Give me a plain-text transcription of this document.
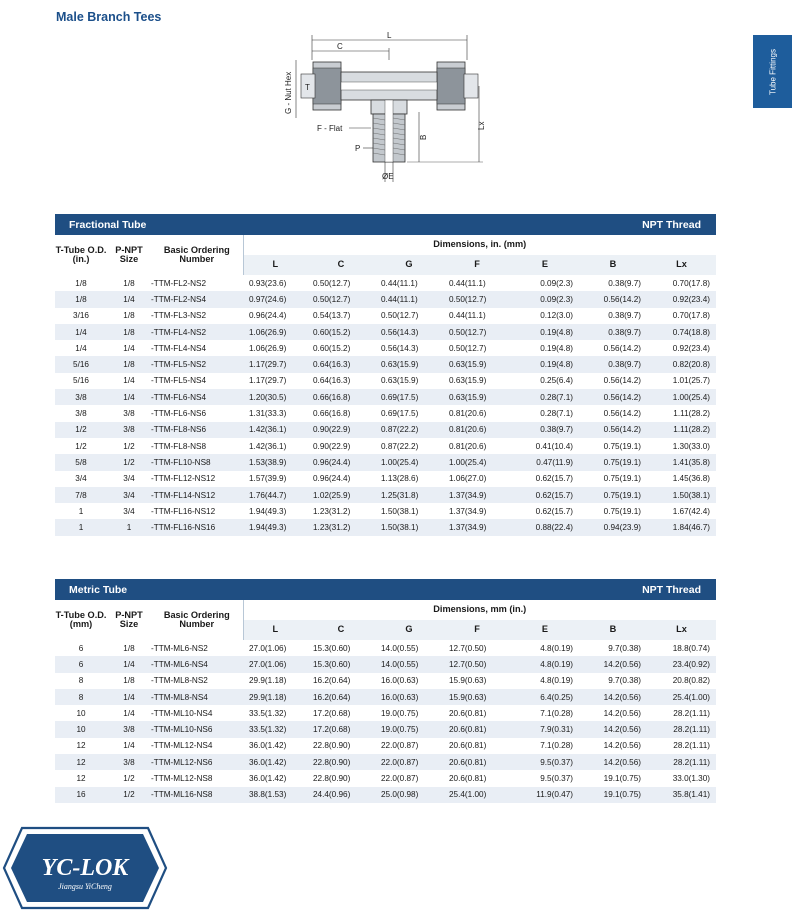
Male Branch Tees
Tube Fittings
L
C
G - Nut Hex T
F - Flat
P
B
Lx
ØE
Fractional Tube	NPT Thread
T-Tube O.D. (in.)	P-NPT Size	Basic Ordering Number	Dimensions, in. (mm)						
			L	C	G	F	E	B	Lx
1/8	1/8	-TTM-FL2-NS2	0.93(23.6)	0.50(12.7)	0.44(11.1)	0.44(11.1)	0.09(2.3)	0.38(9.7)	0.70(17.8)
1/8	1/4	-TTM-FL2-NS4	0.97(24.6)	0.50(12.7)	0.44(11.1)	0.50(12.7)	0.09(2.3)	0.56(14.2)	0.92(23.4)
3/16	1/8	-TTM-FL3-NS2	0.96(24.4)	0.54(13.7)	0.50(12.7)	0.44(11.1)	0.12(3.0)	0.38(9.7)	0.70(17.8)
1/4	1/8	-TTM-FL4-NS2	1.06(26.9)	0.60(15.2)	0.56(14.3)	0.50(12.7)	0.19(4.8)	0.38(9.7)	0.74(18.8)
1/4	1/4	-TTM-FL4-NS4	1.06(26.9)	0.60(15.2)	0.56(14.3)	0.50(12.7)	0.19(4.8)	0.56(14.2)	0.92(23.4)
5/16	1/8	-TTM-FL5-NS2	1.17(29.7)	0.64(16.3)	0.63(15.9)	0.63(15.9)	0.19(4.8)	0.38(9.7)	0.82(20.8)
5/16	1/4	-TTM-FL5-NS4	1.17(29.7)	0.64(16.3)	0.63(15.9)	0.63(15.9)	0.25(6.4)	0.56(14.2)	1.01(25.7)
3/8	1/4	-TTM-FL6-NS4	1.20(30.5)	0.66(16.8)	0.69(17.5)	0.63(15.9)	0.28(7.1)	0.56(14.2)	1.00(25.4)
3/8	3/8	-TTM-FL6-NS6	1.31(33.3)	0.66(16.8)	0.69(17.5)	0.81(20.6)	0.28(7.1)	0.56(14.2)	1.11(28.2)
1/2	3/8	-TTM-FL8-NS6	1.42(36.1)	0.90(22.9)	0.87(22.2)	0.81(20.6)	0.38(9.7)	0.56(14.2)	1.11(28.2)
1/2	1/2	-TTM-FL8-NS8	1.42(36.1)	0.90(22.9)	0.87(22.2)	0.81(20.6)	0.41(10.4)	0.75(19.1)	1.30(33.0)
5/8	1/2	-TTM-FL10-NS8	1.53(38.9)	0.96(24.4)	1.00(25.4)	1.00(25.4)	0.47(11.9)	0.75(19.1)	1.41(35.8)
3/4	3/4	-TTM-FL12-NS12	1.57(39.9)	0.96(24.4)	1.13(28.6)	1.06(27.0)	0.62(15.7)	0.75(19.1)	1.45(36.8)
7/8	3/4	-TTM-FL14-NS12	1.76(44.7)	1.02(25.9)	1.25(31.8)	1.37(34.9)	0.62(15.7)	0.75(19.1)	1.50(38.1)
1	3/4	-TTM-FL16-NS12	1.94(49.3)	1.23(31.2)	1.50(38.1)	1.37(34.9)	0.62(15.7)	0.75(19.1)	1.67(42.4)
1	1	-TTM-FL16-NS16	1.94(49.3)	1.23(31.2)	1.50(38.1)	1.37(34.9)	0.88(22.4)	0.94(23.9)	1.84(46.7)
Metric Tube	NPT Thread
T-Tube O.D. (mm)	P-NPT Size	Basic Ordering Number	Dimensions, mm (in.)						
			L	C	G	F	E	B	Lx
6	1/8	-TTM-ML6-NS2	27.0(1.06)	15.3(0.60)	14.0(0.55)	12.7(0.50)	4.8(0.19)	9.7(0.38)	18.8(0.74)
6	1/4	-TTM-ML6-NS4	27.0(1.06)	15.3(0.60)	14.0(0.55)	12.7(0.50)	4.8(0.19)	14.2(0.56)	23.4(0.92)
8	1/8	-TTM-ML8-NS2	29.9(1.18)	16.2(0.64)	16.0(0.63)	15.9(0.63)	4.8(0.19)	9.7(0.38)	20.8(0.82)
8	1/4	-TTM-ML8-NS4	29.9(1.18)	16.2(0.64)	16.0(0.63)	15.9(0.63)	6.4(0.25)	14.2(0.56)	25.4(1.00)
10	1/4	-TTM-ML10-NS4	33.5(1.32)	17.2(0.68)	19.0(0.75)	20.6(0.81)	7.1(0.28)	14.2(0.56)	28.2(1.11)
10	3/8	-TTM-ML10-NS6	33.5(1.32)	17.2(0.68)	19.0(0.75)	20.6(0.81)	7.9(0.31)	14.2(0.56)	28.2(1.11)
12	1/4	-TTM-ML12-NS4	36.0(1.42)	22.8(0.90)	22.0(0.87)	20.6(0.81)	7.1(0.28)	14.2(0.56)	28.2(1.11)
12	3/8	-TTM-ML12-NS6	36.0(1.42)	22.8(0.90)	22.0(0.87)	20.6(0.81)	9.5(0.37)	14.2(0.56)	28.2(1.11)
12	1/2	-TTM-ML12-NS8	36.0(1.42)	22.8(0.90)	22.0(0.87)	20.6(0.81)	9.5(0.37)	19.1(0.75)	33.0(1.30)
16	1/2	-TTM-ML16-NS8	38.8(1.53)	24.4(0.96)	25.0(0.98)	25.4(1.00)	11.9(0.47)	19.1(0.75)	35.8(1.41)
YC-LOK
Jiangsu YiCheng
